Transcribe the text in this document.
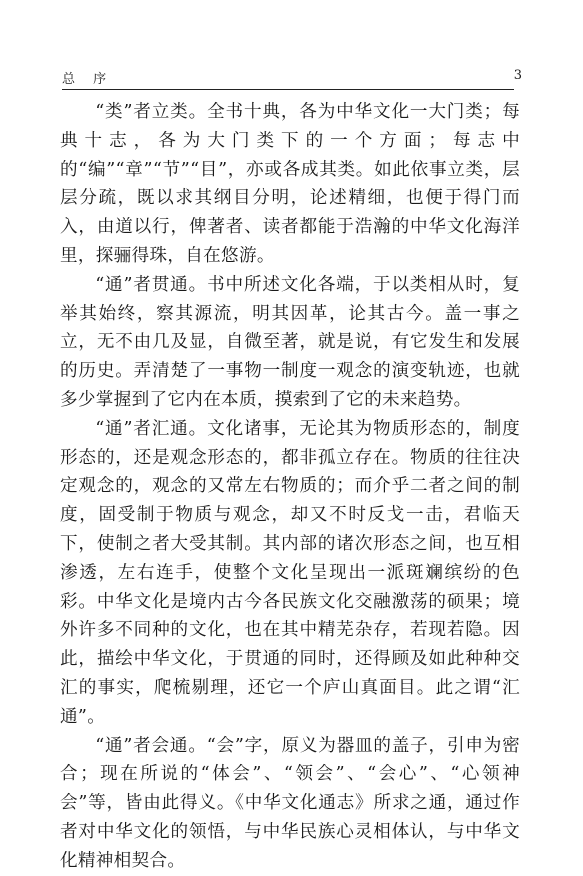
总 序	3

“类”者立类。全书十典，各为中华文化一大门类；每典十志，各为大门类下的一个方面；每志中的“编”“章”“节”“目”，亦或各成其类。如此依事立类，层层分疏，既以求其纲目分明，论述精细，也便于得门而入，由道以行，俾著者、读者都能于浩瀚的中华文化海洋里，探骊得珠，自在悠游。

“通”者贯通。书中所述文化各端，于以类相从时，复举其始终，察其源流，明其因革，论其古今。盖一事之立，无不由几及显，自微至著，就是说，有它发生和发展的历史。弄清楚了一事物一制度一观念的演变轨迹，也就多少掌握到了它内在本质，摸索到了它的未来趋势。

“通”者汇通。文化诸事，无论其为物质形态的，制度形态的，还是观念形态的，都非孤立存在。物质的往往决定观念的，观念的又常左右物质的；而介乎二者之间的制度，固受制于物质与观念，却又不时反戈一击，君临天下，使制之者大受其制。其内部的诸次形态之间，也互相渗透，左右连手，使整个文化呈现出一派斑斓缤纷的色彩。中华文化是境内古今各民族文化交融激荡的硕果；境外许多不同种的文化，也在其中精芜杂存，若现若隐。因此，描绘中华文化，于贯通的同时，还得顾及如此种种交汇的事实，爬梳剔理，还它一个庐山真面目。此之谓“汇通”。

“通”者会通。“会”字，原义为器皿的盖子，引申为密合；现在所说的“体会”、“领会”、“会心”、“心领神会”等，皆由此得义。《中华文化通志》所求之通，通过作者对中华文化的领悟，与中华民族心灵相体认，与中华文化精神相契合。
